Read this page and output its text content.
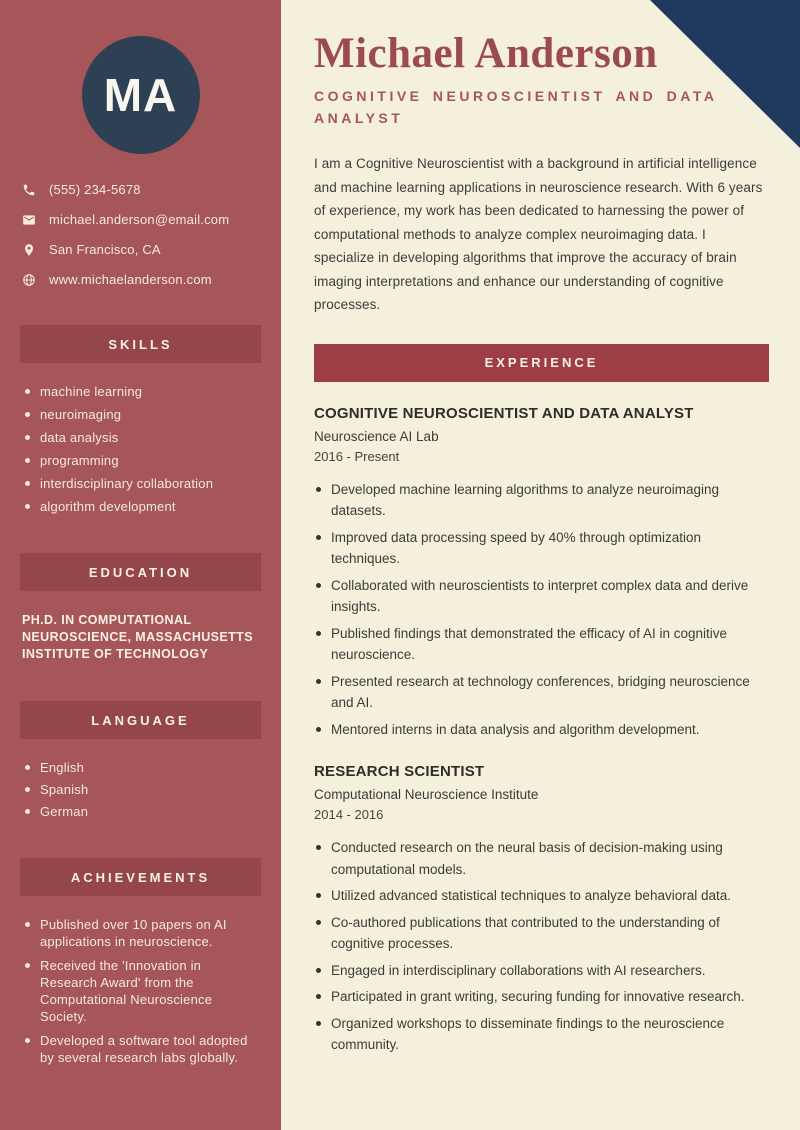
MA
(555) 234-5678
michael.anderson@email.com
San Francisco, CA
www.michaelanderson.com
SKILLS
machine learning
neuroimaging
data analysis
programming
interdisciplinary collaboration
algorithm development
EDUCATION

PH.D. IN COMPUTATIONAL NEUROSCIENCE, MASSACHUSETTS INSTITUTE OF TECHNOLOGY

LANGUAGE
English
Spanish
German
ACHIEVEMENTS
Published over 10 papers on AI applications in neuroscience.
Received the 'Innovation in Research Award' from the Computational Neuroscience Society.
Developed a software tool adopted by several research labs globally.
Michael Anderson
COGNITIVE NEUROSCIENTIST AND DATA ANALYST

I am a Cognitive Neuroscientist with a background in artificial intelligence and machine learning applications in neuroscience research. With 6 years of experience, my work has been dedicated to harnessing the power of computational methods to analyze complex neuroimaging data. I specialize in developing algorithms that improve the accuracy of brain imaging interpretations and enhance our understanding of cognitive processes.

EXPERIENCE
COGNITIVE NEUROSCIENTIST AND DATA ANALYST
Neuroscience AI Lab
2016 - Present
Developed machine learning algorithms to analyze neuroimaging datasets.
Improved data processing speed by 40% through optimization techniques.
Collaborated with neuroscientists to interpret complex data and derive insights.
Published findings that demonstrated the efficacy of AI in cognitive neuroscience.
Presented research at technology conferences, bridging neuroscience and AI.
Mentored interns in data analysis and algorithm development.
RESEARCH SCIENTIST
Computational Neuroscience Institute
2014 - 2016
Conducted research on the neural basis of decision-making using computational models.
Utilized advanced statistical techniques to analyze behavioral data.
Co-authored publications that contributed to the understanding of cognitive processes.
Engaged in interdisciplinary collaborations with AI researchers.
Participated in grant writing, securing funding for innovative research.
Organized workshops to disseminate findings to the neuroscience community.
